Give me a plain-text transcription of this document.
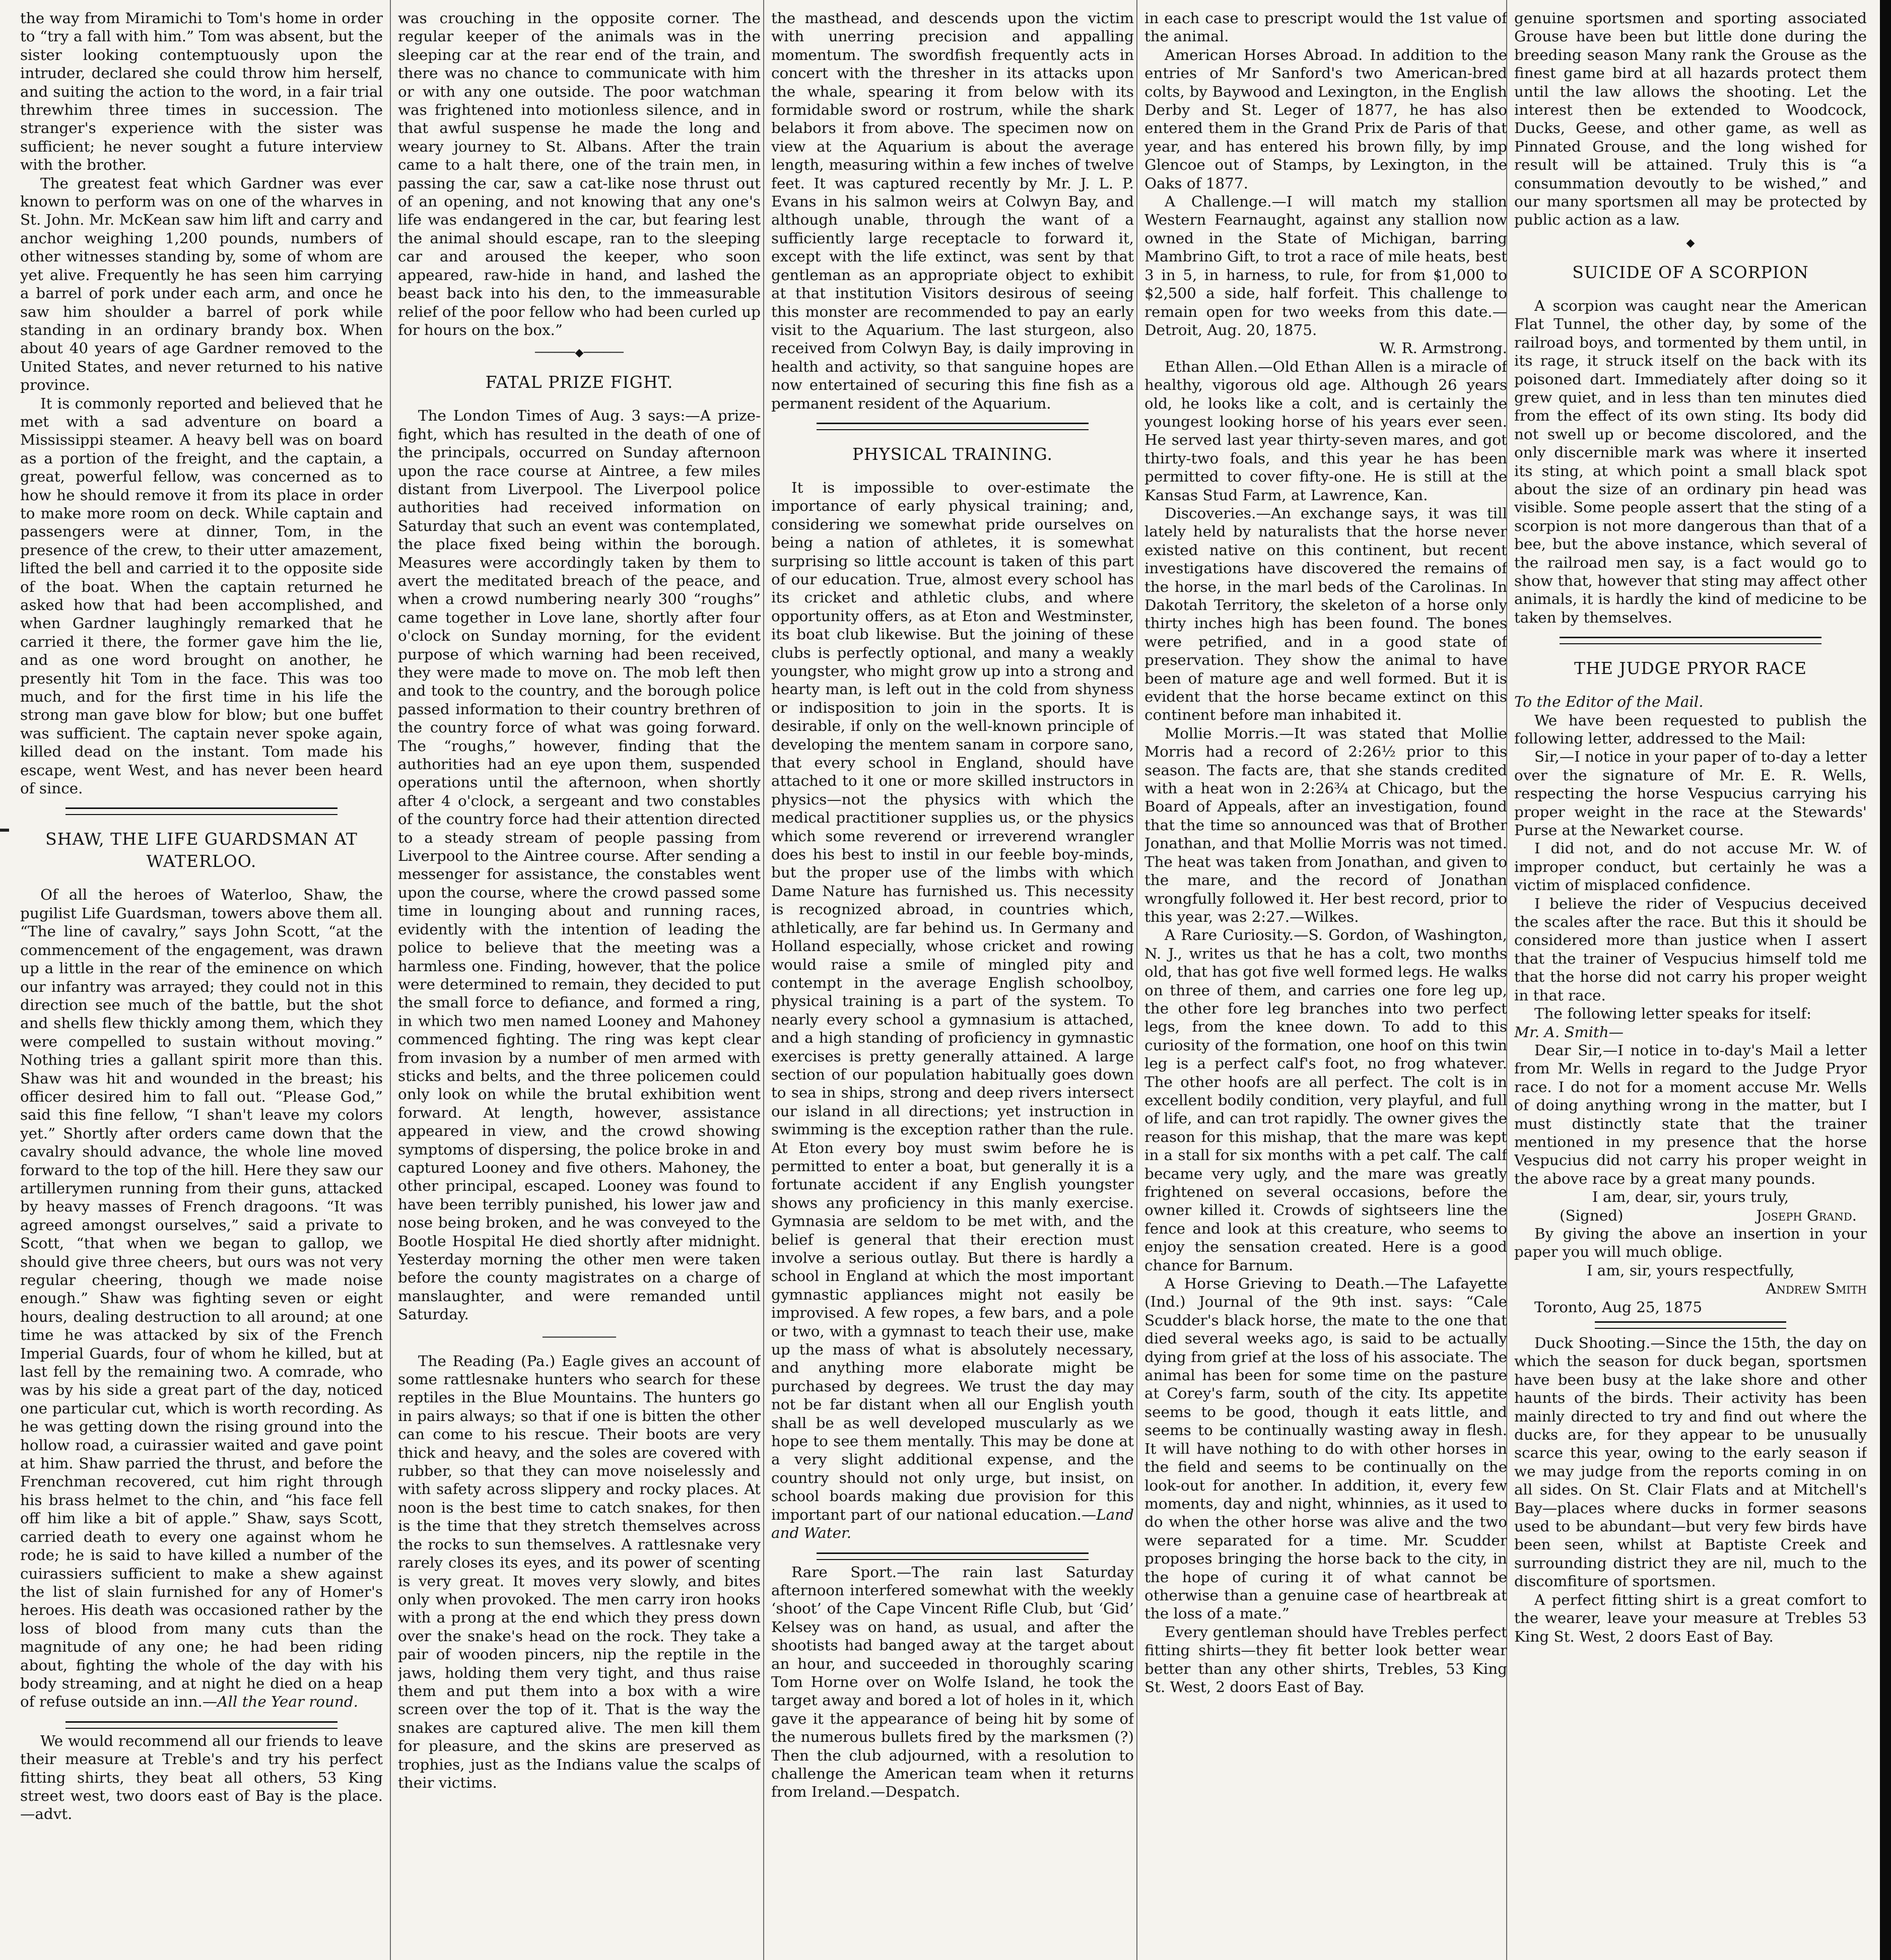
the way from Miramichi to Tom's home in order to “try a fall with him.” Tom was absent, but the sister looking contemptuously upon the intruder, declared she could throw him herself, and suiting the action to the word, in a fair trial threwhim three times in succession. The stranger's experience with the sister was sufficient; he never sought a future interview with the brother.

The greatest feat which Gardner was ever known to perform was on one of the wharves in St. John. Mr. McKean saw him lift and carry and anchor weighing 1,200 pounds, numbers of other witnesses standing by, some of whom are yet alive. Frequently he has seen him carrying a barrel of pork under each arm, and once he saw him shoulder a barrel of pork while standing in an ordinary brandy box. When about 40 years of age Gardner removed to the United States, and never returned to his native province.

It is commonly reported and believed that he met with a sad adventure on board a Mississippi steamer. A heavy bell was on board as a portion of the freight, and the captain, a great, powerful fellow, was concerned as to how he should remove it from its place in order to make more room on deck. While captain and passengers were at dinner, Tom, in the presence of the crew, to their utter amazement, lifted the bell and carried it to the opposite side of the boat. When the captain returned he asked how that had been accomplished, and when Gardner laughingly remarked that he carried it there, the former gave him the lie, and as one word brought on another, he presently hit Tom in the face. This was too much, and for the first time in his life the strong man gave blow for blow; but one buffet was sufficient. The captain never spoke again, killed dead on the instant. Tom made his escape, went West, and has never been heard of since.

SHAW, THE LIFE GUARDSMAN AT WATERLOO.

Of all the heroes of Waterloo, Shaw, the pugilist Life Guardsman, towers above them all. “The line of cavalry,” says John Scott, “at the commencement of the engagement, was drawn up a little in the rear of the eminence on which our infantry was arrayed; they could not in this direction see much of the battle, but the shot and shells flew thickly among them, which they were compelled to sustain without moving.” Nothing tries a gallant spirit more than this. Shaw was hit and wounded in the breast; his officer desired him to fall out. “Please God,” said this fine fellow, “I shan't leave my colors yet.” Shortly after orders came down that the cavalry should advance, the whole line moved forward to the top of the hill. Here they saw our artillerymen running from their guns, attacked by heavy masses of French dragoons. “It was agreed amongst ourselves,” said a private to Scott, “that when we began to gallop, we should give three cheers, but ours was not very regular cheering, though we made noise enough.” Shaw was fighting seven or eight hours, dealing destruction to all around; at one time he was attacked by six of the French Imperial Guards, four of whom he killed, but at last fell by the remaining two. A comrade, who was by his side a great part of the day, noticed one particular cut, which is worth recording. As he was getting down the rising ground into the hollow road, a cuirassier waited and gave point at him. Shaw parried the thrust, and before the Frenchman recovered, cut him right through his brass helmet to the chin, and “his face fell off him like a bit of apple.” Shaw, says Scott, carried death to every one against whom he rode; he is said to have killed a number of the cuirassiers sufficient to make a shew against the list of slain furnished for any of Homer's heroes. His death was occasioned rather by the loss of blood from many cuts than the magnitude of any one; he had been riding about, fighting the whole of the day with his body streaming, and at night he died on a heap of refuse outside an inn.—All the Year round.

We would recommend all our friends to leave their measure at Treble's and try his perfect fitting shirts, they beat all others, 53 King street west, two doors east of Bay is the place.—advt.

was crouching in the opposite corner. The regular keeper of the animals was in the sleeping car at the rear end of the train, and there was no chance to communicate with him or with any one outside. The poor watchman was frightened into motionless silence, and in that awful suspense he made the long and weary journey to St. Albans. After the train came to a halt there, one of the train men, in passing the car, saw a cat-like nose thrust out of an opening, and not knowing that any one's life was endangered in the car, but fearing lest the animal should escape, ran to the sleeping car and aroused the keeper, who soon appeared, raw-hide in hand, and lashed the beast back into his den, to the immeasurable relief of the poor fellow who had been curled up for hours on the box.”

──────◆──────
FATAL PRIZE FIGHT.

The London Times of Aug. 3 says:—A prize-fight, which has resulted in the death of one of the principals, occurred on Sunday afternoon upon the race course at Aintree, a few miles distant from Liverpool. The Liverpool police authorities had received information on Saturday that such an event was contemplated, the place fixed being within the borough. Measures were accordingly taken by them to avert the meditated breach of the peace, and when a crowd numbering nearly 300 “roughs” came together in Love lane, shortly after four o'clock on Sunday morning, for the evident purpose of which warning had been received, they were made to move on. The mob left then and took to the country, and the borough police passed information to their country brethren of the country force of what was going forward. The “roughs,” however, finding that the authorities had an eye upon them, suspended operations until the afternoon, when shortly after 4 o'clock, a sergeant and two constables of the country force had their attention directed to a steady stream of people passing from Liverpool to the Aintree course. After sending a messenger for assistance, the constables went upon the course, where the crowd passed some time in lounging about and running races, evidently with the intention of leading the police to believe that the meeting was a harmless one. Finding, however, that the police were determined to remain, they decided to put the small force to defiance, and formed a ring, in which two men named Looney and Mahoney commenced fighting. The ring was kept clear from invasion by a number of men armed with sticks and belts, and the three policemen could only look on while the brutal exhibition went forward. At length, however, assistance appeared in view, and the crowd showing symptoms of dispersing, the police broke in and captured Looney and five others. Mahoney, the other principal, escaped. Looney was found to have been terribly punished, his lower jaw and nose being broken, and he was conveyed to the Bootle Hospital He died shortly after midnight. Yesterday morning the other men were taken before the county magistrates on a charge of manslaughter, and were remanded until Saturday.

───────────

The Reading (Pa.) Eagle gives an account of some rattlesnake hunters who search for these reptiles in the Blue Mountains. The hunters go in pairs always; so that if one is bitten the other can come to his rescue. Their boots are very thick and heavy, and the soles are covered with rubber, so that they can move noiselessly and with safety across slippery and rocky places. At noon is the best time to catch snakes, for then is the time that they stretch themselves across the rocks to sun themselves. A rattlesnake very rarely closes its eyes, and its power of scenting is very great. It moves very slowly, and bites only when provoked. The men carry iron hooks with a prong at the end which they press down over the snake's head on the rock. They take a pair of wooden pincers, nip the reptile in the jaws, holding them very tight, and thus raise them and put them into a box with a wire screen over the top of it. That is the way the snakes are captured alive. The men kill them for pleasure, and the skins are preserved as trophies, just as the Indians value the scalps of their victims.

the masthead, and descends upon the victim with unerring precision and appalling momentum. The swordfish frequently acts in concert with the thresher in its attacks upon the whale, spearing it from below with its formidable sword or rostrum, while the shark belabors it from above. The specimen now on view at the Aquarium is about the average length, measuring within a few inches of twelve feet. It was captured recently by Mr. J. L. P. Evans in his salmon weirs at Colwyn Bay, and although unable, through the want of a sufficiently large receptacle to forward it, except with the life extinct, was sent by that gentleman as an appropriate object to exhibit at that institution Visitors desirous of seeing this monster are recommended to pay an early visit to the Aquarium. The last sturgeon, also received from Colwyn Bay, is daily improving in health and activity, so that sanguine hopes are now entertained of securing this fine fish as a permanent resident of the Aquarium.

PHYSICAL TRAINING.

It is impossible to over-estimate the importance of early physical training; and, considering we somewhat pride ourselves on being a nation of athletes, it is somewhat surprising so little account is taken of this part of our education. True, almost every school has its cricket and athletic clubs, and where opportunity offers, as at Eton and Westminster, its boat club likewise. But the joining of these clubs is perfectly optional, and many a weakly youngster, who might grow up into a strong and hearty man, is left out in the cold from shyness or indisposition to join in the sports. It is desirable, if only on the well-known principle of developing the mentem sanam in corpore sano, that every school in England, should have attached to it one or more skilled instructors in physics—not the physics with which the medical practitioner supplies us, or the physics which some reverend or irreverend wrangler does his best to instil in our feeble boy-minds, but the proper use of the limbs with which Dame Nature has furnished us. This necessity is recognized abroad, in countries which, athletically, are far behind us. In Germany and Holland especially, whose cricket and rowing would raise a smile of mingled pity and contempt in the average English schoolboy, physical training is a part of the system. To nearly every school a gymnasium is attached, and a high standing of proficiency in gymnastic exercises is pretty generally attained. A large section of our population habitually goes down to sea in ships, strong and deep rivers intersect our island in all directions; yet instruction in swimming is the exception rather than the rule. At Eton every boy must swim before he is permitted to enter a boat, but generally it is a fortunate accident if any English youngster shows any proficiency in this manly exercise. Gymnasia are seldom to be met with, and the belief is general that their erection must involve a serious outlay. But there is hardly a school in England at which the most important gymnastic appliances might not easily be improvised. A few ropes, a few bars, and a pole or two, with a gymnast to teach their use, make up the mass of what is absolutely necessary, and anything more elaborate might be purchased by degrees. We trust the day may not be far distant when all our English youth shall be as well developed muscularly as we hope to see them mentally. This may be done at a very slight additional expense, and the country should not only urge, but insist, on school boards making due provision for this important part of our national education.—Land and Water.

Rare Sport.—The rain last Saturday afternoon interfered somewhat with the weekly ‘shoot’ of the Cape Vincent Rifle Club, but ‘Gid’ Kelsey was on hand, as usual, and after the shootists had banged away at the target about an hour, and succeeded in thoroughly scaring Tom Horne over on Wolfe Island, he took the target away and bored a lot of holes in it, which gave it the appearance of being hit by some of the numerous bullets fired by the marksmen (?) Then the club adjourned, with a resolution to challenge the American team when it returns from Ireland.—Despatch.

in each case to prescript would the 1st value of the animal.

American Horses Abroad. In addition to the entries of Mr Sanford's two American-bred colts, by Baywood and Lexington, in the English Derby and St. Leger of 1877, he has also entered them in the Grand Prix de Paris of that year, and has entered his brown filly, by imp Glencoe out of Stamps, by Lexington, in the Oaks of 1877.

A Challenge.—I will match my stallion Western Fearnaught, against any stallion now owned in the State of Michigan, barring Mambrino Gift, to trot a race of mile heats, best 3 in 5, in harness, to rule, for from $1,000 to $2,500 a side, half forfeit. This challenge to remain open for two weeks from this date.—Detroit, Aug. 20, 1875.

W. R. Armstrong.

Ethan Allen.—Old Ethan Allen is a miracle of healthy, vigorous old age. Although 26 years old, he looks like a colt, and is certainly the youngest looking horse of his years ever seen. He served last year thirty-seven mares, and got thirty-two foals, and this year he has been permitted to cover fifty-one. He is still at the Kansas Stud Farm, at Lawrence, Kan.

Discoveries.—An exchange says, it was till lately held by naturalists that the horse never existed native on this continent, but recent investigations have discovered the remains of the horse, in the marl beds of the Carolinas. In Dakotah Territory, the skeleton of a horse only thirty inches high has been found. The bones were petrified, and in a good state of preservation. They show the animal to have been of mature age and well formed. But it is evident that the horse became extinct on this continent before man inhabited it.

Mollie Morris.—It was stated that Mollie Morris had a record of 2:26½ prior to this season. The facts are, that she stands credited with a heat won in 2:26¾ at Chicago, but the Board of Appeals, after an investigation, found that the time so announced was that of Brother Jonathan, and that Mollie Morris was not timed. The heat was taken from Jonathan, and given to the mare, and the record of Jonathan wrongfully followed it. Her best record, prior to this year, was 2:27.—Wilkes.

A Rare Curiosity.—S. Gordon, of Washington, N. J., writes us that he has a colt, two months old, that has got five well formed legs. He walks on three of them, and carries one fore leg up, the other fore leg branches into two perfect legs, from the knee down. To add to this curiosity of the formation, one hoof on this twin leg is a perfect calf's foot, no frog whatever. The other hoofs are all perfect. The colt is in excellent bodily condition, very playful, and full of life, and can trot rapidly. The owner gives the reason for this mishap, that the mare was kept in a stall for six months with a pet calf. The calf became very ugly, and the mare was greatly frightened on several occasions, before the owner killed it. Crowds of sightseers line the fence and look at this creature, who seems to enjoy the sensation created. Here is a good chance for Barnum.

A Horse Grieving to Death.—The Lafayette (Ind.) Journal of the 9th inst. says: “Cale Scudder's black horse, the mate to the one that died several weeks ago, is said to be actually dying from grief at the loss of his associate. The animal has been for some time on the pasture at Corey's farm, south of the city. Its appetite seems to be good, though it eats little, and seems to be continually wasting away in flesh. It will have nothing to do with other horses in the field and seems to be continually on the look-out for another. In addition, it, every few moments, day and night, whinnies, as it used to do when the other horse was alive and the two were separated for a time. Mr. Scudder proposes bringing the horse back to the city, in the hope of curing it of what cannot be otherwise than a genuine case of heartbreak at the loss of a mate.”

Every gentleman should have Trebles perfect fitting shirts—they fit better look better wear better than any other shirts, Trebles, 53 King St. West, 2 doors East of Bay.

genuine sportsmen and sporting associated Grouse have been but little done during the breeding season Many rank the Grouse as the finest game bird at all hazards protect them until the law allows the shooting. Let the interest then be extended to Woodcock, Ducks, Geese, and other game, as well as Pinnated Grouse, and the long wished for result will be attained. Truly this is “a consummation devoutly to be wished,” and our many sportsmen all may be protected by public action as a law.

◆
SUICIDE OF A SCORPION

A scorpion was caught near the American Flat Tunnel, the other day, by some of the railroad boys, and tormented by them until, in its rage, it struck itself on the back with its poisoned dart. Immediately after doing so it grew quiet, and in less than ten minutes died from the effect of its own sting. Its body did not swell up or become discolored, and the only discernible mark was where it inserted its sting, at which point a small black spot about the size of an ordinary pin head was visible. Some people assert that the sting of a scorpion is not more dangerous than that of a bee, but the above instance, which several of the railroad men say, is a fact would go to show that, however that sting may affect other animals, it is hardly the kind of medicine to be taken by themselves.

THE JUDGE PRYOR RACE

To the Editor of the Mail.

We have been requested to publish the following letter, addressed to the Mail:

Sir,—I notice in your paper of to-day a letter over the signature of Mr. E. R. Wells, respecting the horse Vespucius carrying his proper weight in the race at the Stewards' Purse at the Newarket course.

I did not, and do not accuse Mr. W. of improper conduct, but certainly he was a victim of misplaced confidence.

I believe the rider of Vespucius deceived the scales after the race. But this it should be considered more than justice when I assert that the trainer of Vespucius himself told me that the horse did not carry his proper weight in that race.

The following letter speaks for itself:

Mr. A. Smith—

Dear Sir,—I notice in to-day's Mail a letter from Mr. Wells in regard to the Judge Pryor race. I do not for a moment accuse Mr. Wells of doing anything wrong in the matter, but I must distinctly state that the trainer mentioned in my presence that the horse Vespucius did not carry his proper weight in the above race by a great many pounds.

I am, dear, sir, yours truly,

(Signed)	Joseph Grand.

By giving the above an insertion in your paper you will much oblige.

I am, sir, yours respectfully,

Andrew Smith

Toronto, Aug 25, 1875

Duck Shooting.—Since the 15th, the day on which the season for duck began, sportsmen have been busy at the lake shore and other haunts of the birds. Their activity has been mainly directed to try and find out where the ducks are, for they appear to be unusually scarce this year, owing to the early season if we may judge from the reports coming in on all sides. On St. Clair Flats and at Mitchell's Bay—places where ducks in former seasons used to be abundant—but very few birds have been seen, whilst at Baptiste Creek and surrounding district they are nil, much to the discomfiture of sportsmen.

A perfect fitting shirt is a great comfort to the wearer, leave your measure at Trebles 53 King St. West, 2 doors East of Bay.
